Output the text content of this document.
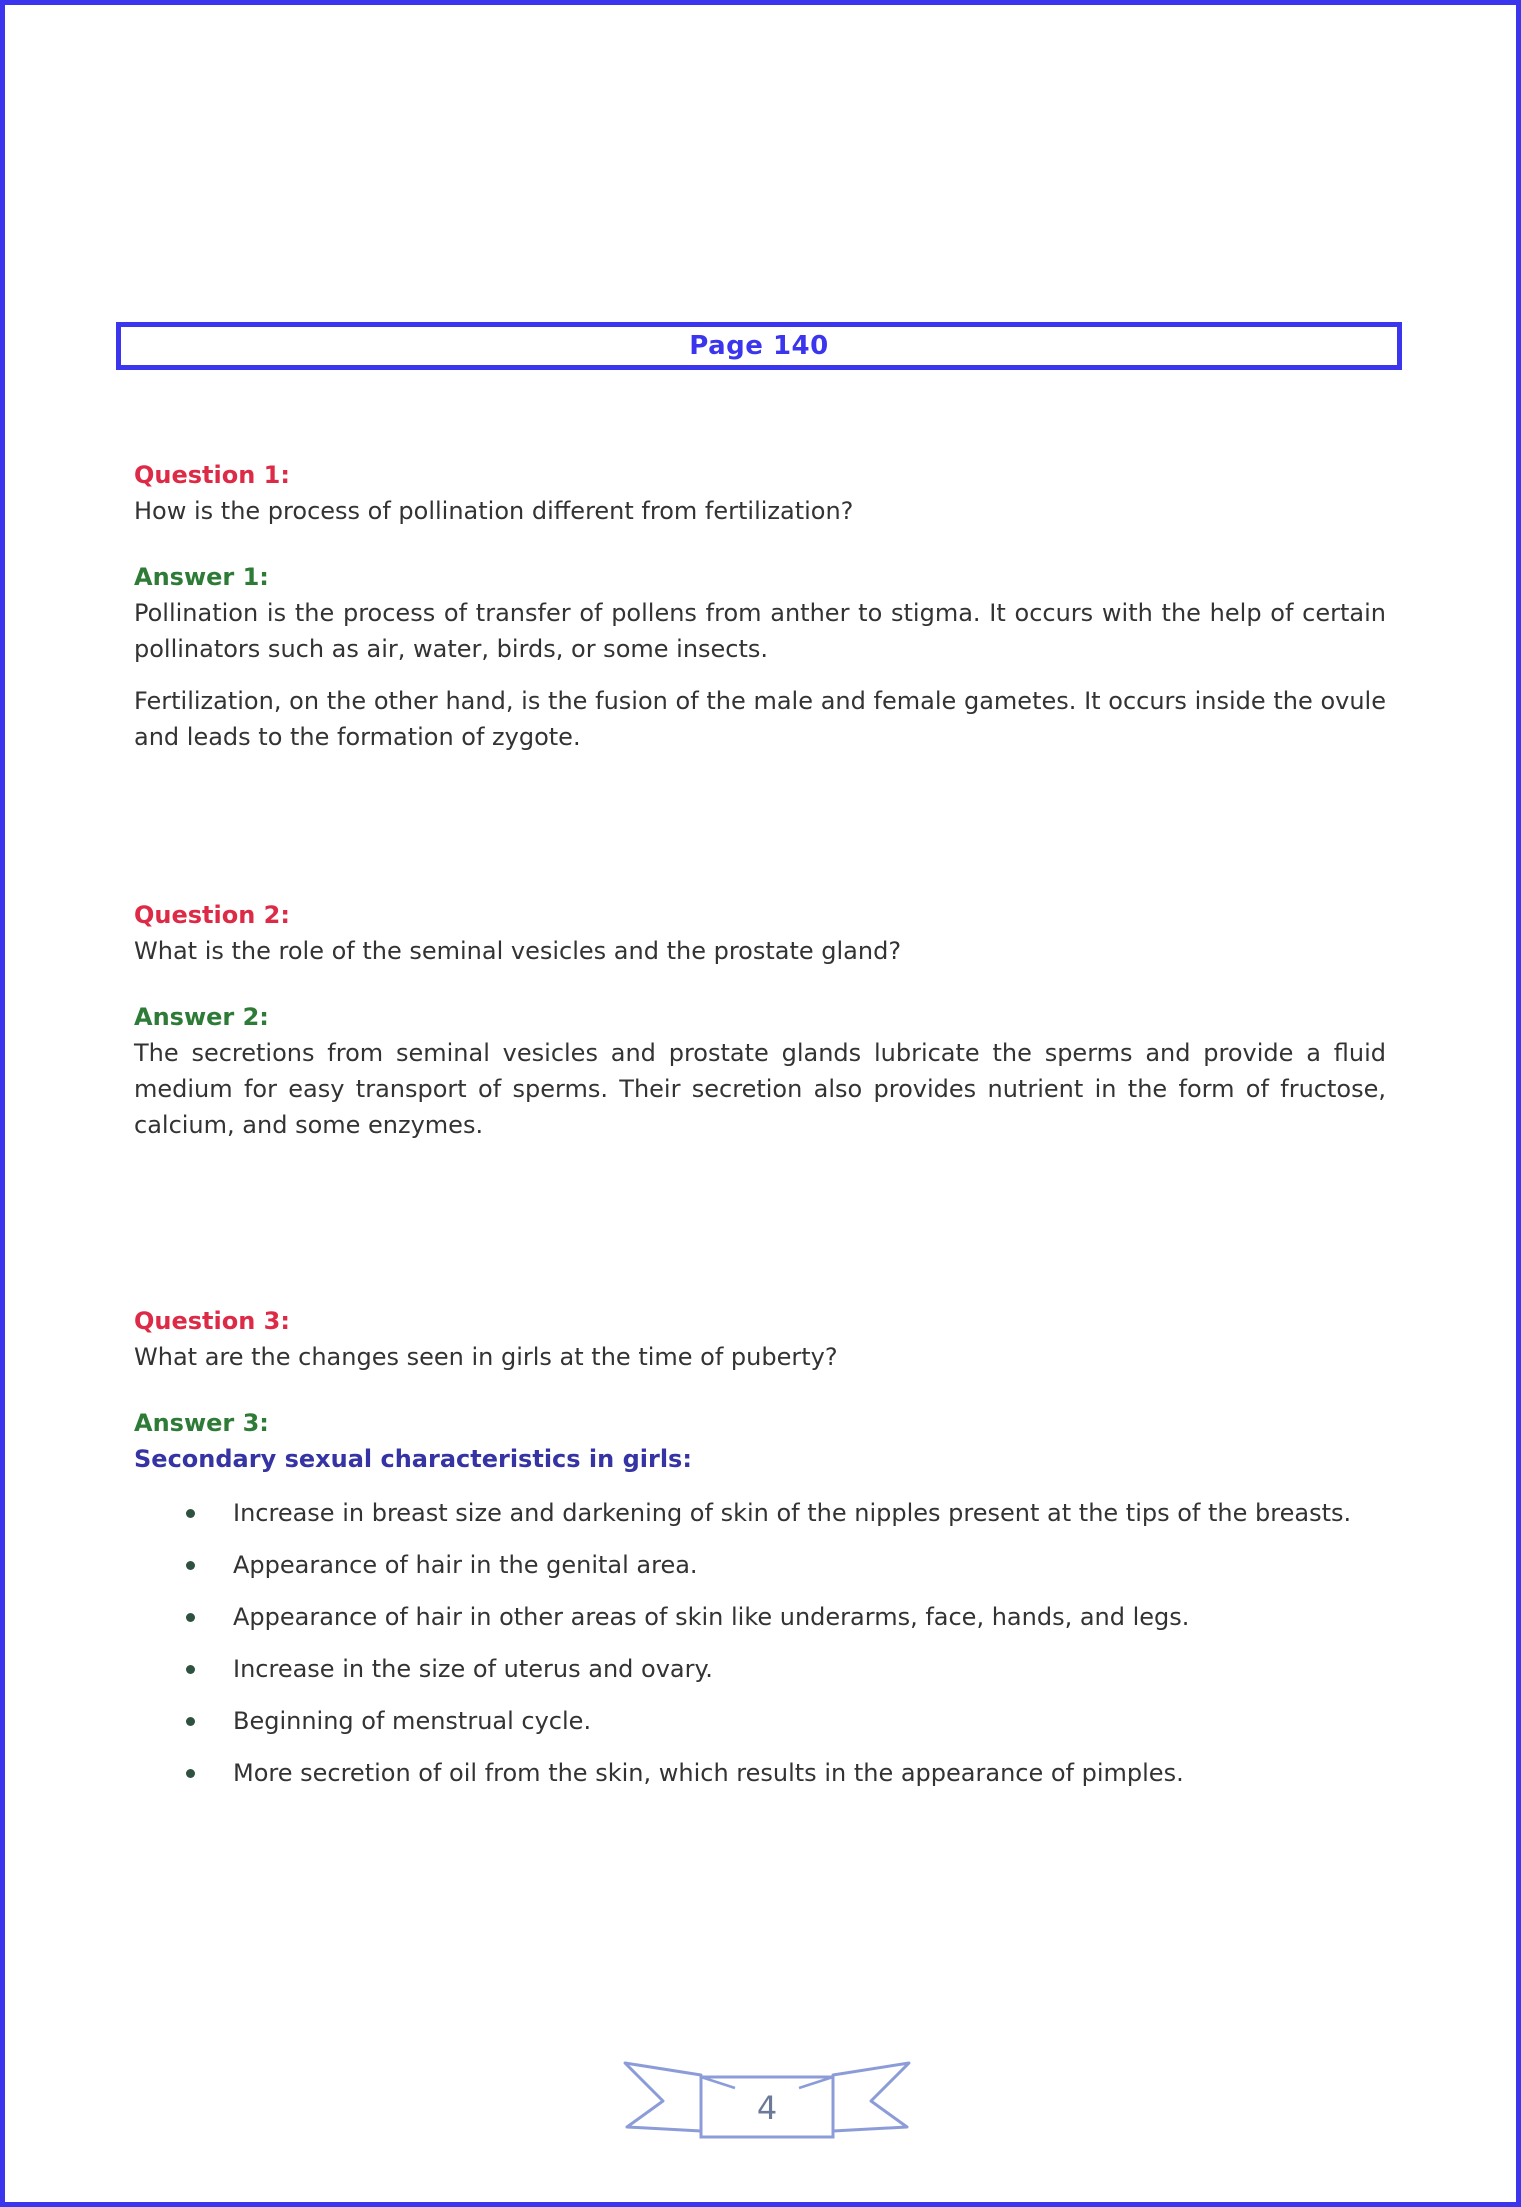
Page 140

Question 1:

How is the process of pollination different from fertilization?

Answer 1:

Pollination is the process of transfer of pollens from anther to stigma. It occurs with the help of certain pollinators such as air, water, birds, or some insects.

Fertilization, on the other hand, is the fusion of the male and female gametes. It occurs inside the ovule and leads to the formation of zygote.

Question 2:

What is the role of the seminal vesicles and the prostate gland?

Answer 2:

The secretions from seminal vesicles and prostate glands lubricate the sperms and provide a fluid medium for easy transport of sperms. Their secretion also provides nutrient in the form of fructose, calcium, and some enzymes.

Question 3:

What are the changes seen in girls at the time of puberty?

Answer 3:

Secondary sexual characteristics in girls:

Increase in breast size and darkening of skin of the nipples present at the tips of the breasts.
Appearance of hair in the genital area.
Appearance of hair in other areas of skin like underarms, face, hands, and legs.
Increase in the size of uterus and ovary.
Beginning of menstrual cycle.
More secretion of oil from the skin, which results in the appearance of pimples.
4
